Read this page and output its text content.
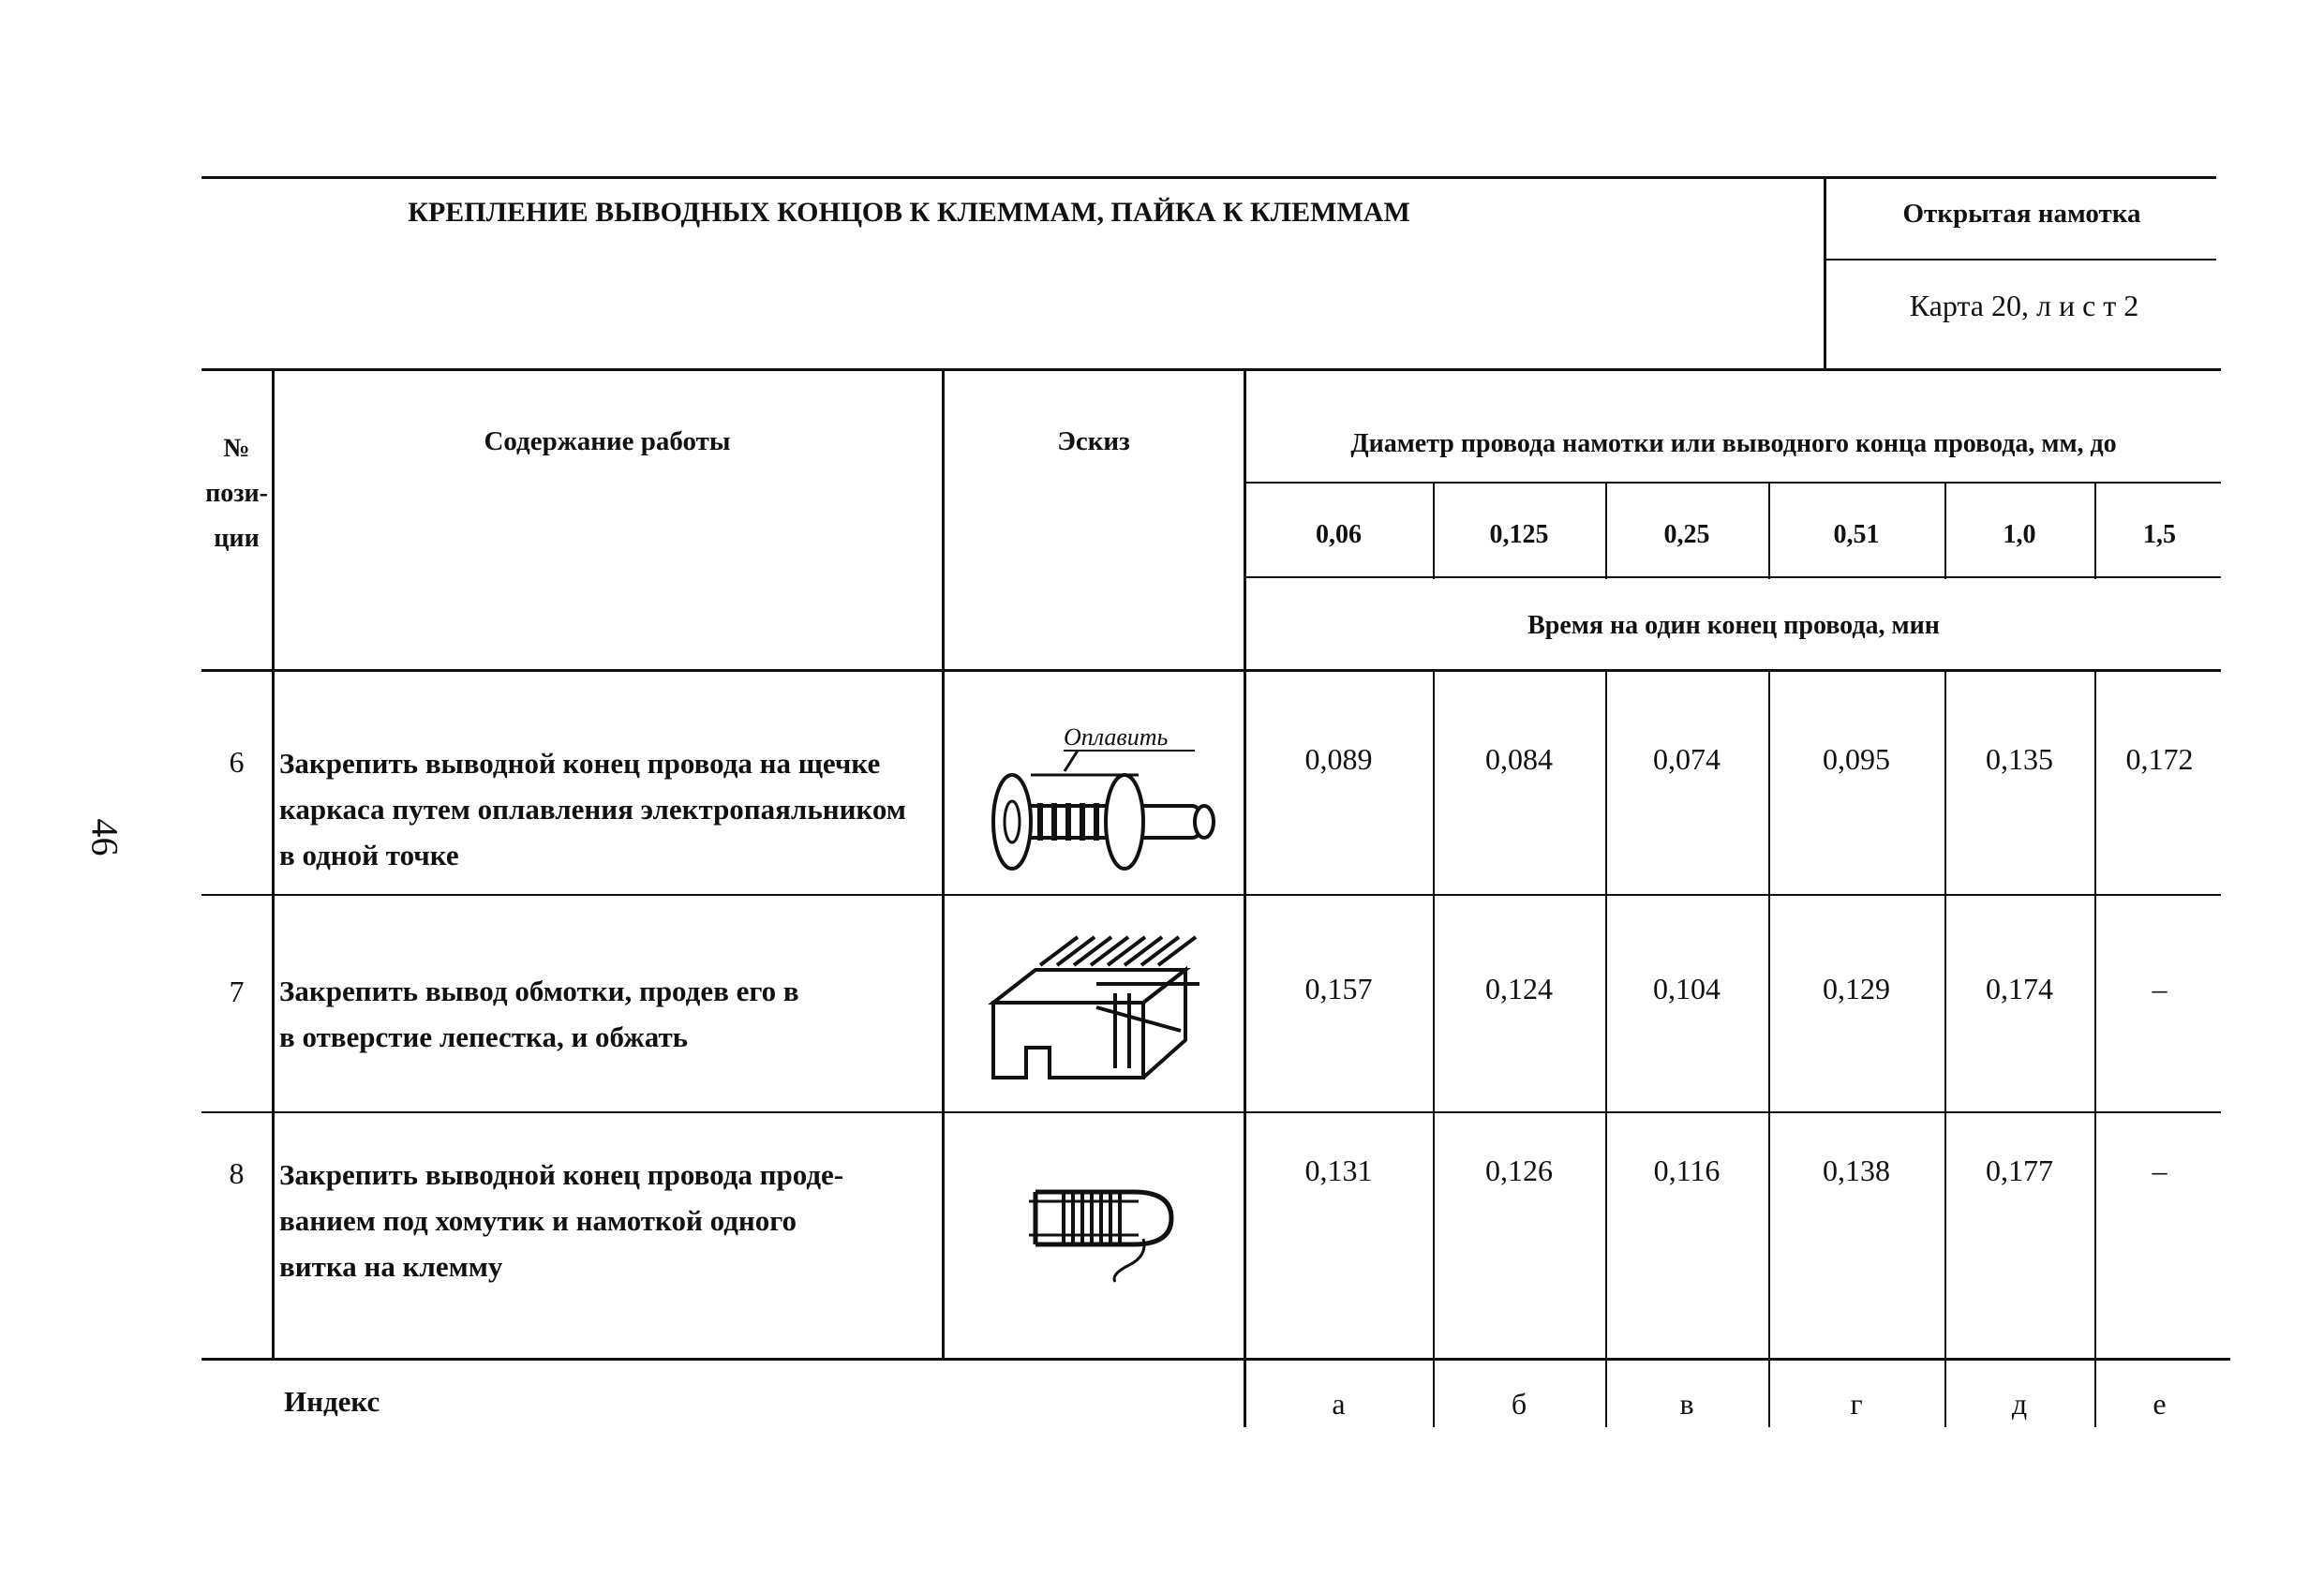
46
КРЕПЛЕНИЕ ВЫВОДНЫХ КОНЦОВ К КЛЕММАМ, ПАЙКА К КЛЕММАМ	Открытая намотка
Карта 20, л и с т 2
№
пози-
ции
Содержание работы	Эскиз	Диаметр провода намотки или выводного конца провода, мм, до
0,06	0,125	0,25	0,51	1,0	1,5
Время на один конец провода, мин
6	Закрепить выводной конец провода на щечке
каркаса путем оплавления электропаяльником
в одной точке
Оплавить
0,089	0,084	0,074	0,095	0,135	0,172
7	Закрепить вывод обмотки, продев его в
в отверстие лепестка, и обжать
0,157	0,124	0,104	0,129	0,174	–
8	Закрепить выводной конец провода проде-
ванием под хомутик и намоткой одного
витка на клемму
0,131	0,126	0,116	0,138	0,177	–
Индекс	а	б	в	г	д	е
